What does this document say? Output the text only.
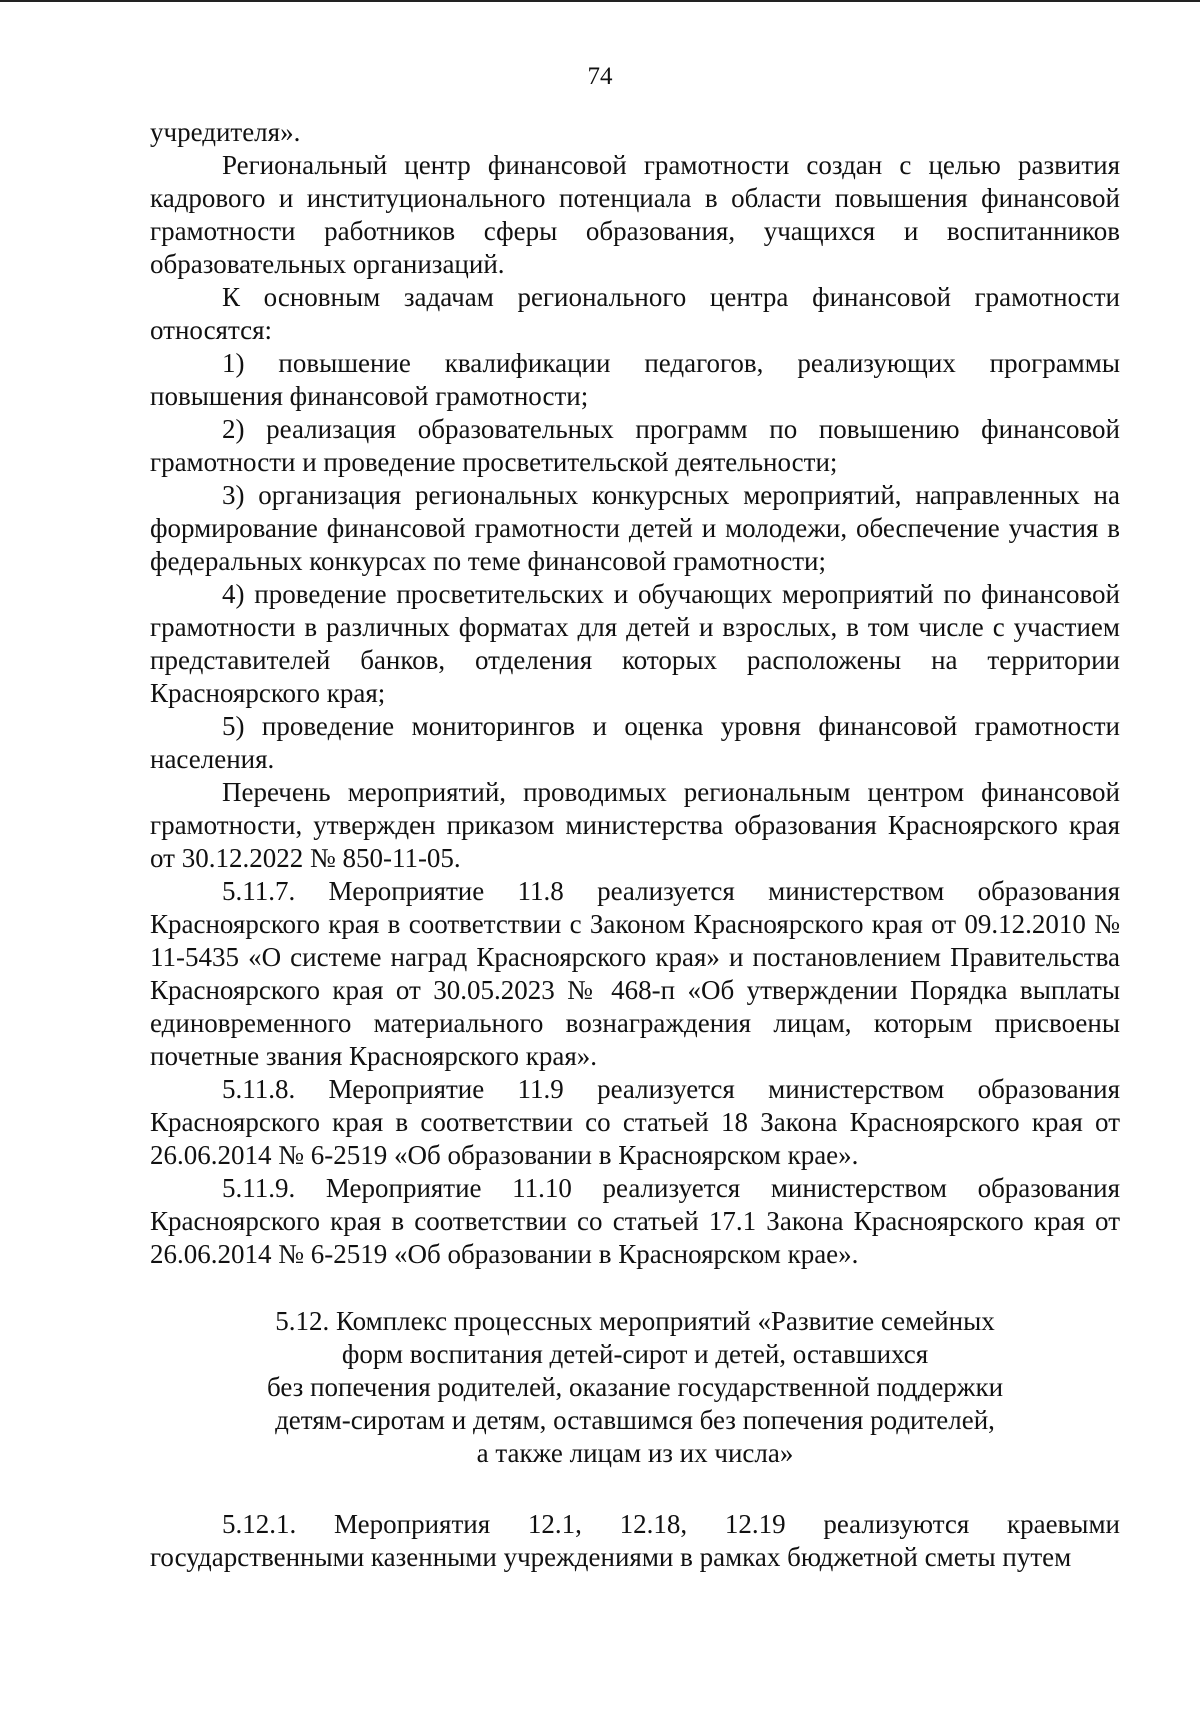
74

учредителя».

Региональный центр финансовой грамотности создан с целью развития кадрового и институционального потенциала в области повышения финансовой грамотности работников сферы образования, учащихся и воспитанников образовательных организаций.

К основным задачам регионального центра финансовой грамотности относятся:

1) повышение квалификации педагогов, реализующих программы повышения финансовой грамотности;

2) реализация образовательных программ по повышению финансовой грамотности и проведение просветительской деятельности;

3) организация региональных конкурсных мероприятий, направленных на формирование финансовой грамотности детей и молодежи, обеспечение участия в федеральных конкурсах по теме финансовой грамотности;

4) проведение просветительских и обучающих мероприятий по финансовой грамотности в различных форматах для детей и взрослых, в том числе с участием представителей банков, отделения которых расположены на территории Красноярского края;

5) проведение мониторингов и оценка уровня финансовой грамотности населения.

Перечень мероприятий, проводимых региональным центром финансовой грамотности, утвержден приказом министерства образования Красноярского края от 30.12.2022 № 850-11-05.

5.11.7. Мероприятие 11.8 реализуется министерством образования Красноярского края в соответствии с Законом Красноярского края от 09.12.2010 № 11-5435 «О системе наград Красноярского края» и постановлением Правительства Красноярского края от 30.05.2023 № 468-п «Об утверждении Порядка выплаты единовременного материального вознаграждения лицам, которым присвоены почетные звания Красноярского края».

5.11.8. Мероприятие 11.9 реализуется министерством образования Красноярского края в соответствии со статьей 18 Закона Красноярского края от 26.06.2014 № 6-2519 «Об образовании в Красноярском крае».

5.11.9. Мероприятие 11.10 реализуется министерством образования Красноярского края в соответствии со статьей 17.1 Закона Красноярского края от 26.06.2014 № 6-2519 «Об образовании в Красноярском крае».

5.12. Комплекс процессных мероприятий «Развитие семейных
форм воспитания детей-сирот и детей, оставшихся
без попечения родителей, оказание государственной поддержки
детям-сиротам и детям, оставшимся без попечения родителей,
а также лицам из их числа»

5.12.1. Мероприятия 12.1, 12.18, 12.19 реализуются краевыми государственными казенными учреждениями в рамках бюджетной сметы путем
